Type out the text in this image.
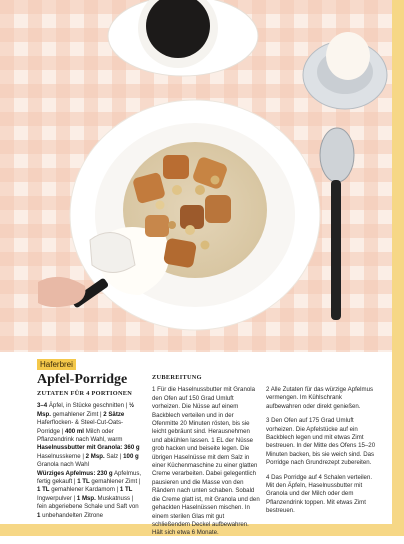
Haferbrei
Apfel-Porridge
ZUTATEN FÜR 4 PORTIONEN
3–4 Äpfel, in Stücke geschnitten | ½ Msp. gemahlener Zimt | 2 Sätze Haferflocken- & Steel-Cut-Oats-Porridge | 400 ml Milch oder Pflanzendrink nach Wahl, warm
Haselnussbutter mit Granola: 360 g Haselnusskerne | 2 Msp. Salz | 100 g Granola nach Wahl
Würziges Apfelmus: 230 g Apfelmus, fertig gekauft | 1 TL gemahlener Zimt | 1 TL gemahlener Kardamom | 1 TL Ingwerpulver | 1 Msp. Muskatnuss | fein abgeriebene Schale und Saft von 1 unbehandelten Zitrone
ZUBEREITUNG
1 Für die Haselnussbutter mit Granola den Ofen auf 150 Grad Umluft vorheizen. Die Nüsse auf einem Backblech verteilen und in der Ofenmitte 20 Minuten rösten, bis sie leicht gebräunt sind. Herausnehmen und abkühlen lassen. 1 EL der Nüsse grob hacken und beiseite legen. Die übrigen Haselnüsse mit dem Salz in einer Küchenmaschine zu einer glatten Creme verarbeiten. Dabei gelegentlich pausieren und die Masse von den Rändern nach unten schaben. Sobald die Creme glatt ist, mit Granola und den gehackten Haselnüssen mischen. In einem sterilen Glas mit gut schließendem Deckel aufbewahren. Hält sich etwa 6 Monate.
2 Alle Zutaten für das würzige Apfelmus vermengen. Im Kühlschrank aufbewahren oder direkt genießen.
3 Den Ofen auf 175 Grad Umluft vorheizen. Die Apfelstücke auf ein Backblech legen und mit etwas Zimt bestreuen. In der Mitte des Ofens 15–20 Minuten backen, bis sie weich sind. Das Porridge nach Grundrezept zubereiten.
4 Das Porridge auf 4 Schalen verteilen. Mit den Äpfeln, Haselnussbutter mit Granola und der Milch oder dem Pflanzendrink toppen. Mit etwas Zimt bestreuen.
